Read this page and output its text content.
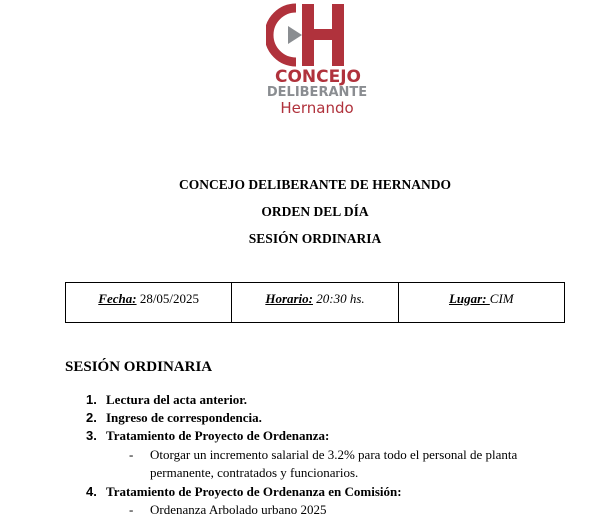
CONCEJO
DELIBERANTE
Hernando
CONCEJO DELIBERANTE DE HERNANDO
ORDEN DEL DÍA
SESIÓN ORDINARIA
Fecha: 28/05/2025	Horario: 20:30 hs.	Lugar: CIM
SESIÓN ORDINARIA
1. Lectura del acta anterior.
2. Ingreso de correspondencia.
3. Tratamiento de Proyecto de Ordenanza:
- Otorgar un incremento salarial de 3.2% para todo el personal de planta permanente, contratados y funcionarios.
4. Tratamiento de Proyecto de Ordenanza en Comisión:
- Ordenanza Arbolado urbano 2025
